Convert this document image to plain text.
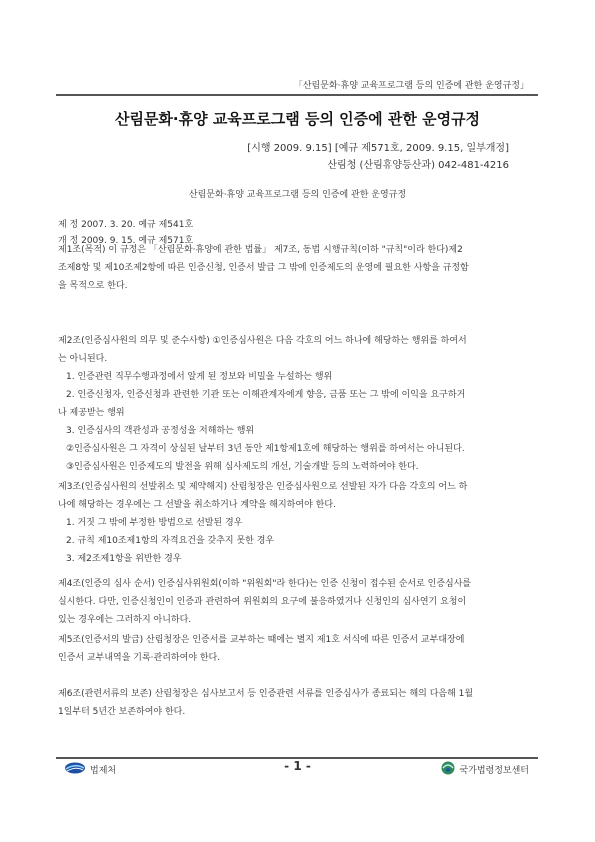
「산림문화·휴양 교육프로그램 등의 인증에 관한 운영규정」
산림문화·휴양 교육프로그램 등의 인증에 관한 운영규정
[시행 2009. 9.15] [예규 제571호, 2009. 9.15, 일부개정]
산림청 (산림휴양등산과) 042-481-4216
산림문화·휴양 교육프로그램 등의 인증에 관한 운영규정
제 정 2007. 3. 20. 예규 제541호
개 정 2009. 9. 15. 예규 제571호

제1조(목적) 이 규정은 「산림문화·휴양에 관한 법률」 제7조, 동법 시행규칙(이하 "규칙"이라 한다)제2

조제8항 및 제10조제2항에 따른 인증신청, 인증서 발급 그 밖에 인증제도의 운영에 필요한 사항을 규정함

을 목적으로 한다.

제2조(인증심사원의 의무 및 준수사항) ①인증심사원은 다음 각호의 어느 하나에 해당하는 행위를 하여서

는 아니된다.

1. 인증관련 직무수행과정에서 알게 된 정보와 비밀을 누설하는 행위

2. 인증신청자, 인증신청과 관련한 기관 또는 이해관계자에게 향응, 금품 또는 그 밖에 이익을 요구하거

나 제공받는 행위

3. 인증심사의 객관성과 공정성을 저해하는 행위

②인증심사원은 그 자격이 상실된 날부터 3년 동안 제1항제1호에 해당하는 행위를 하여서는 아니된다.

③인증심사원은 인증제도의 발전을 위해 심사제도의 개선, 기술개발 등의 노력하여야 한다.

제3조(인증심사원의 선발취소 및 제약해지) 산림청장은 인증심사원으로 선발된 자가 다음 각호의 어느 하

나에 해당하는 경우에는 그 선발을 취소하거나 계약을 해지하여야 한다.

1. 거짓 그 밖에 부정한 방법으로 선발된 경우

2. 규칙 제10조제1항의 자격요건을 갖추지 못한 경우

3. 제2조제1항을 위반한 경우

제4조(인증의 심사 순서) 인증심사위원회(이하 "위원회"라 한다)는 인증 신청이 접수된 순서로 인증심사를

실시한다. 다만, 인증신청인이 인증과 관련하여 위원회의 요구에 불응하였거나 신청인의 심사연기 요청이

있는 경우에는 그러하지 아니하다.

제5조(인증서의 발급) 산림청장은 인증서를 교부하는 때에는 별지 제1호 서식에 따른 인증서 교부대장에

인증서 교부내역을 기록·관리하여야 한다.

제6조(관련서류의 보존) 산림청장은 심사보고서 등 인증관련 서류를 인증심사가 종료되는 해의 다음해 1월

1일부터 5년간 보존하여야 한다.

법제처	- 1 -	국가법령정보센터
